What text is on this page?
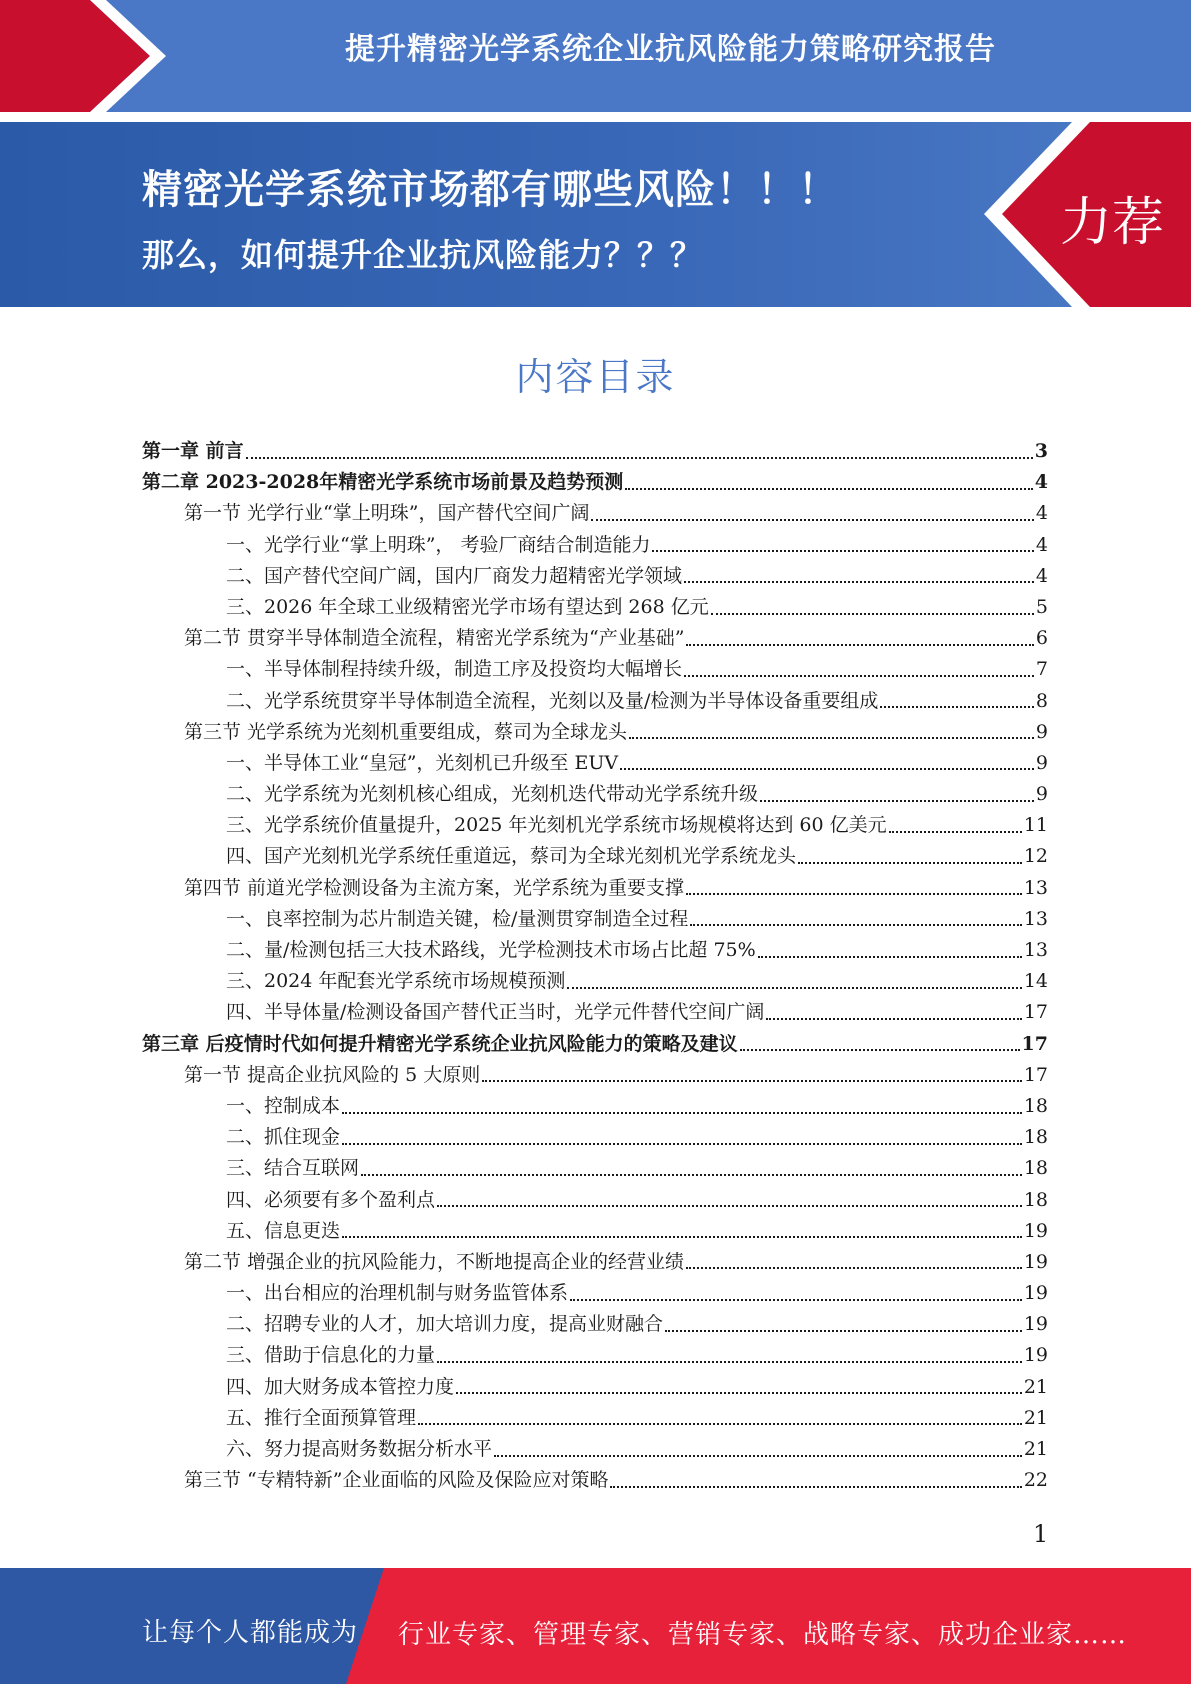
提升精密光学系统企业抗风险能力策略研究报告
精密光学系统市场都有哪些风险！！！
那么，如何提升企业抗风险能力？？？
力荐
内容目录
第一章 前言	3
第二章 2023-2028年精密光学系统市场前景及趋势预测	4
第一节 光学行业“掌上明珠”，国产替代空间广阔	4
一、光学行业“掌上明珠”， 考验厂商结合制造能力	4
二、国产替代空间广阔，国内厂商发力超精密光学领域	4
三、2026 年全球工业级精密光学市场有望达到 268 亿元	5
第二节 贯穿半导体制造全流程，精密光学系统为“产业基础”	6
一、半导体制程持续升级，制造工序及投资均大幅增长	7
二、光学系统贯穿半导体制造全流程，光刻以及量/检测为半导体设备重要组成	8
第三节 光学系统为光刻机重要组成，蔡司为全球龙头	9
一、半导体工业“皇冠”，光刻机已升级至 EUV	9
二、光学系统为光刻机核心组成，光刻机迭代带动光学系统升级	9
三、光学系统价值量提升，2025 年光刻机光学系统市场规模将达到 60 亿美元	11
四、国产光刻机光学系统任重道远，蔡司为全球光刻机光学系统龙头	12
第四节 前道光学检测设备为主流方案，光学系统为重要支撑	13
一、良率控制为芯片制造关键，检/量测贯穿制造全过程	13
二、量/检测包括三大技术路线，光学检测技术市场占比超 75%	13
三、2024 年配套光学系统市场规模预测	14
四、半导体量/检测设备国产替代正当时，光学元件替代空间广阔	17
第三章 后疫情时代如何提升精密光学系统企业抗风险能力的策略及建议	17
第一节 提高企业抗风险的 5 大原则	17
一、控制成本	18
二、抓住现金	18
三、结合互联网	18
四、必须要有多个盈利点	18
五、信息更迭	19
第二节 增强企业的抗风险能力，不断地提高企业的经营业绩	19
一、出台相应的治理机制与财务监管体系	19
二、招聘专业的人才，加大培训力度，提高业财融合	19
三、借助于信息化的力量	19
四、加大财务成本管控力度	21
五、推行全面预算管理	21
六、努力提高财务数据分析水平	21
第三节 “专精特新”企业面临的风险及保险应对策略	22
1
让每个人都能成为 行业专家、管理专家、营销专家、战略专家、成功企业家……
